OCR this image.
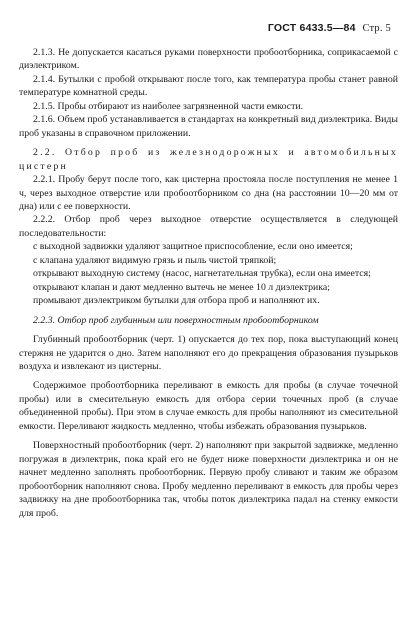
ГОСТ 6433.5—84 Стр. 5

2.1.3. Не допускается касаться руками поверхности пробоотборника, соприкасаемой с диэлектриком.

2.1.4. Бутылки с пробой открывают после того, как температура пробы станет равной температуре комнатной среды.

2.1.5. Пробы отбирают из наиболее загрязненной части емкости.

2.1.6. Объем проб устанавливается в стандартах на конкретный вид диэлектрика. Виды проб указаны в справочном приложении.

2.2. Отбор проб из железнодорожных и автомобильных цистерн

2.2.1. Пробу берут после того, как цистерна простояла после поступления не менее 1 ч, через выходное отверстие или пробоотборником со дна (на расстоянии 10—20 мм от дна) или с ее поверхности.

2.2.2. Отбор проб через выходное отверстие осуществляется в следующей последовательности:

с выходной задвижки удаляют защитное приспособление, если оно имеется;

с клапана удаляют видимую грязь и пыль чистой тряпкой;

открывают выходную систему (насос, нагнетательная трубка), если она имеется;

открывают клапан и дают медленно вытечь не менее 10 л диэлектрика;

промывают диэлектриком бутылки для отбора проб и наполняют их.

2.2.3. Отбор проб глубинным или поверхностным пробоотборником

Глубинный пробоотборник (черт. 1) опускается до тех пор, пока выступающий конец стержня не ударится о дно. Затем наполняют его до прекращения образования пузырьков воздуха и извлекают из цистерны.

Содержимое пробоотборника переливают в емкость для пробы (в случае точечной пробы) или в смесительную емкость для отбора серии точечных проб (в случае объединенной пробы). При этом в случае емкость для пробы наполняют из смесительной емкости. Переливают жидкость медленно, чтобы избежать образования пузырьков.

Поверхностный пробоотборник (черт. 2) наполняют при закрытой задвижке, медленно погружая в диэлектрик, пока край его не будет ниже поверхности диэлектрика и он не начнет медленно заполнять пробоотборник. Первую пробу сливают и таким же образом пробоотборник наполняют снова. Пробу медленно переливают в емкость для пробы через задвижку на дне пробоотборника так, чтобы поток диэлектрика падал на стенку емкости для проб.
